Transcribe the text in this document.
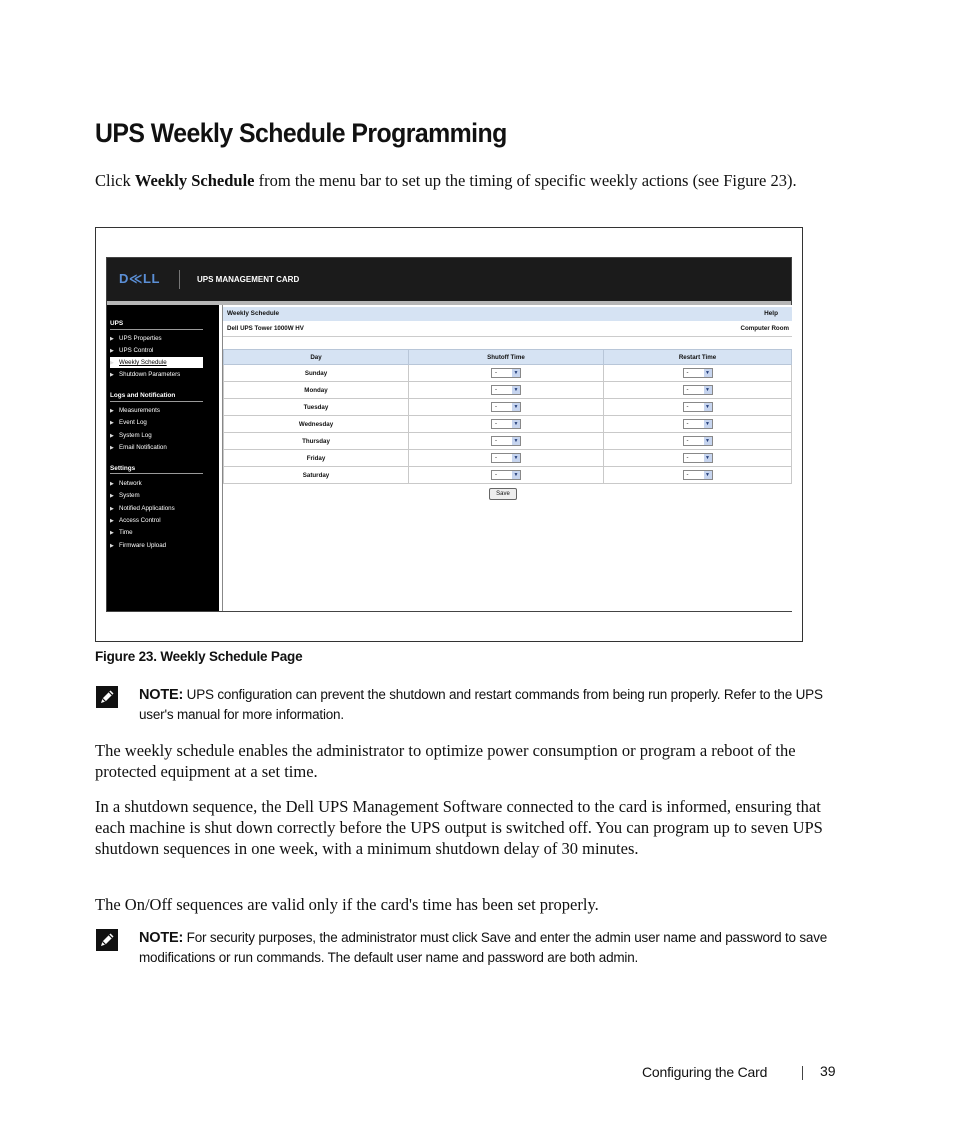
UPS Weekly Schedule Programming

Click Weekly Schedule from the menu bar to set up the timing of specific weekly actions (see Figure 23).

D≪LL	UPS MANAGEMENT CARD
UPS
▶ UPS Properties
▶ UPS Control
▶ Weekly Schedule
▶ Shutdown Parameters
Logs and Notification
▶ Measurements
▶ Event Log
▶ System Log
▶ Email Notification
Settings
▶ Network
▶ System
▶ Notified Applications
▶ Access Control
▶ Time
▶ Firmware Upload
Weekly Schedule	Help
Dell UPS Tower 1000W HV	Computer Room
Day	Shutoff Time	Restart Time
Sunday	- ▼	- ▼

Monday	- ▼	- ▼

Tuesday	- ▼	- ▼

Wednesday	- ▼	- ▼

Thursday	- ▼	- ▼

Friday	- ▼	- ▼

Saturday	- ▼	- ▼
Save
Figure 23. Weekly Schedule Page
NOTE: UPS configuration can prevent the shutdown and restart commands from being run properly. Refer to the UPS user's manual for more information.

The weekly schedule enables the administrator to optimize power consumption or program a reboot of the protected equipment at a set time.

In a shutdown sequence, the Dell UPS Management Software connected to the card is informed, ensuring that each machine is shut down correctly before the UPS output is switched off. You can program up to seven UPS shutdown sequences in one week, with a minimum shutdown delay of 30 minutes.

The On/Off sequences are valid only if the card's time has been set properly.

NOTE: For security purposes, the administrator must click Save and enter the admin user name and password to save modifications or run commands. The default user name and password are both admin.
Configuring the Card	39
